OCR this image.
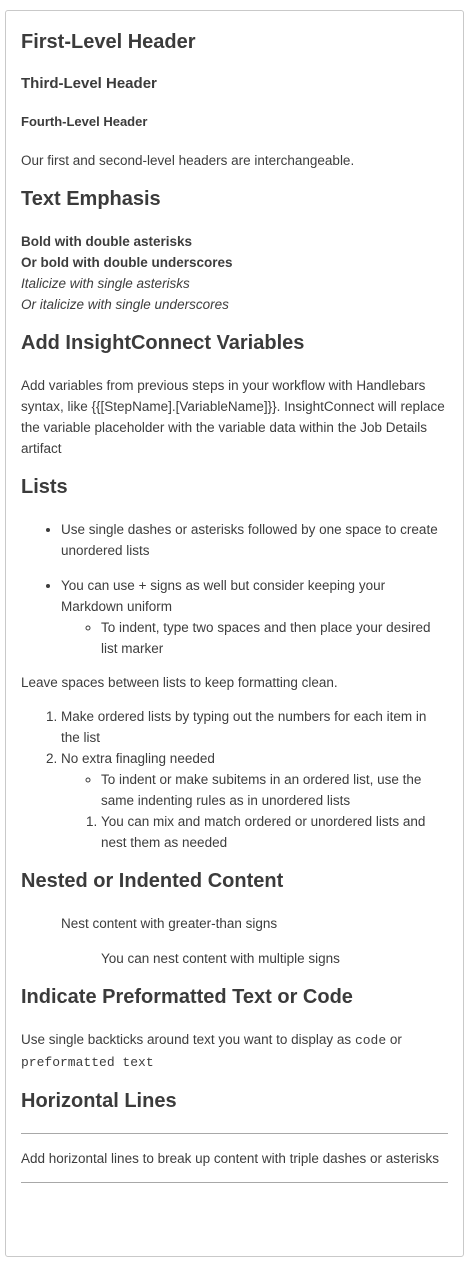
First-Level Header
Third-Level Header
Fourth-Level Header

Our first and second-level headers are interchangeable.

Text Emphasis

Bold with double asterisks

Or bold with double underscores

Italicize with single asterisks

Or italicize with single underscores

Add InsightConnect Variables

Add variables from previous steps in your workflow with Handlebars syntax, like {{[StepName].[VariableName]}}. InsightConnect will replace the variable placeholder with the variable data within the Job Details artifact

Lists
• Use single dashes or asterisks followed by one space to create unordered lists
• You can use + signs as well but consider keeping your Markdown uniform
◦ To indent, type two spaces and then place your desired list marker

Leave spaces between lists to keep formatting clean.

1. Make ordered lists by typing out the numbers for each item in the list
2. No extra finagling needed
◦ To indent or make subitems in an ordered list, use the same indenting rules as in unordered lists
1. You can mix and match ordered or unordered lists and nest them as needed
Nested or Indented Content
Nest content with greater-than signs
You can nest content with multiple signs
Indicate Preformatted Text or Code

Use single backticks around text you want to display as code or preformatted text

Horizontal Lines

Add horizontal lines to break up content with triple dashes or asterisks
